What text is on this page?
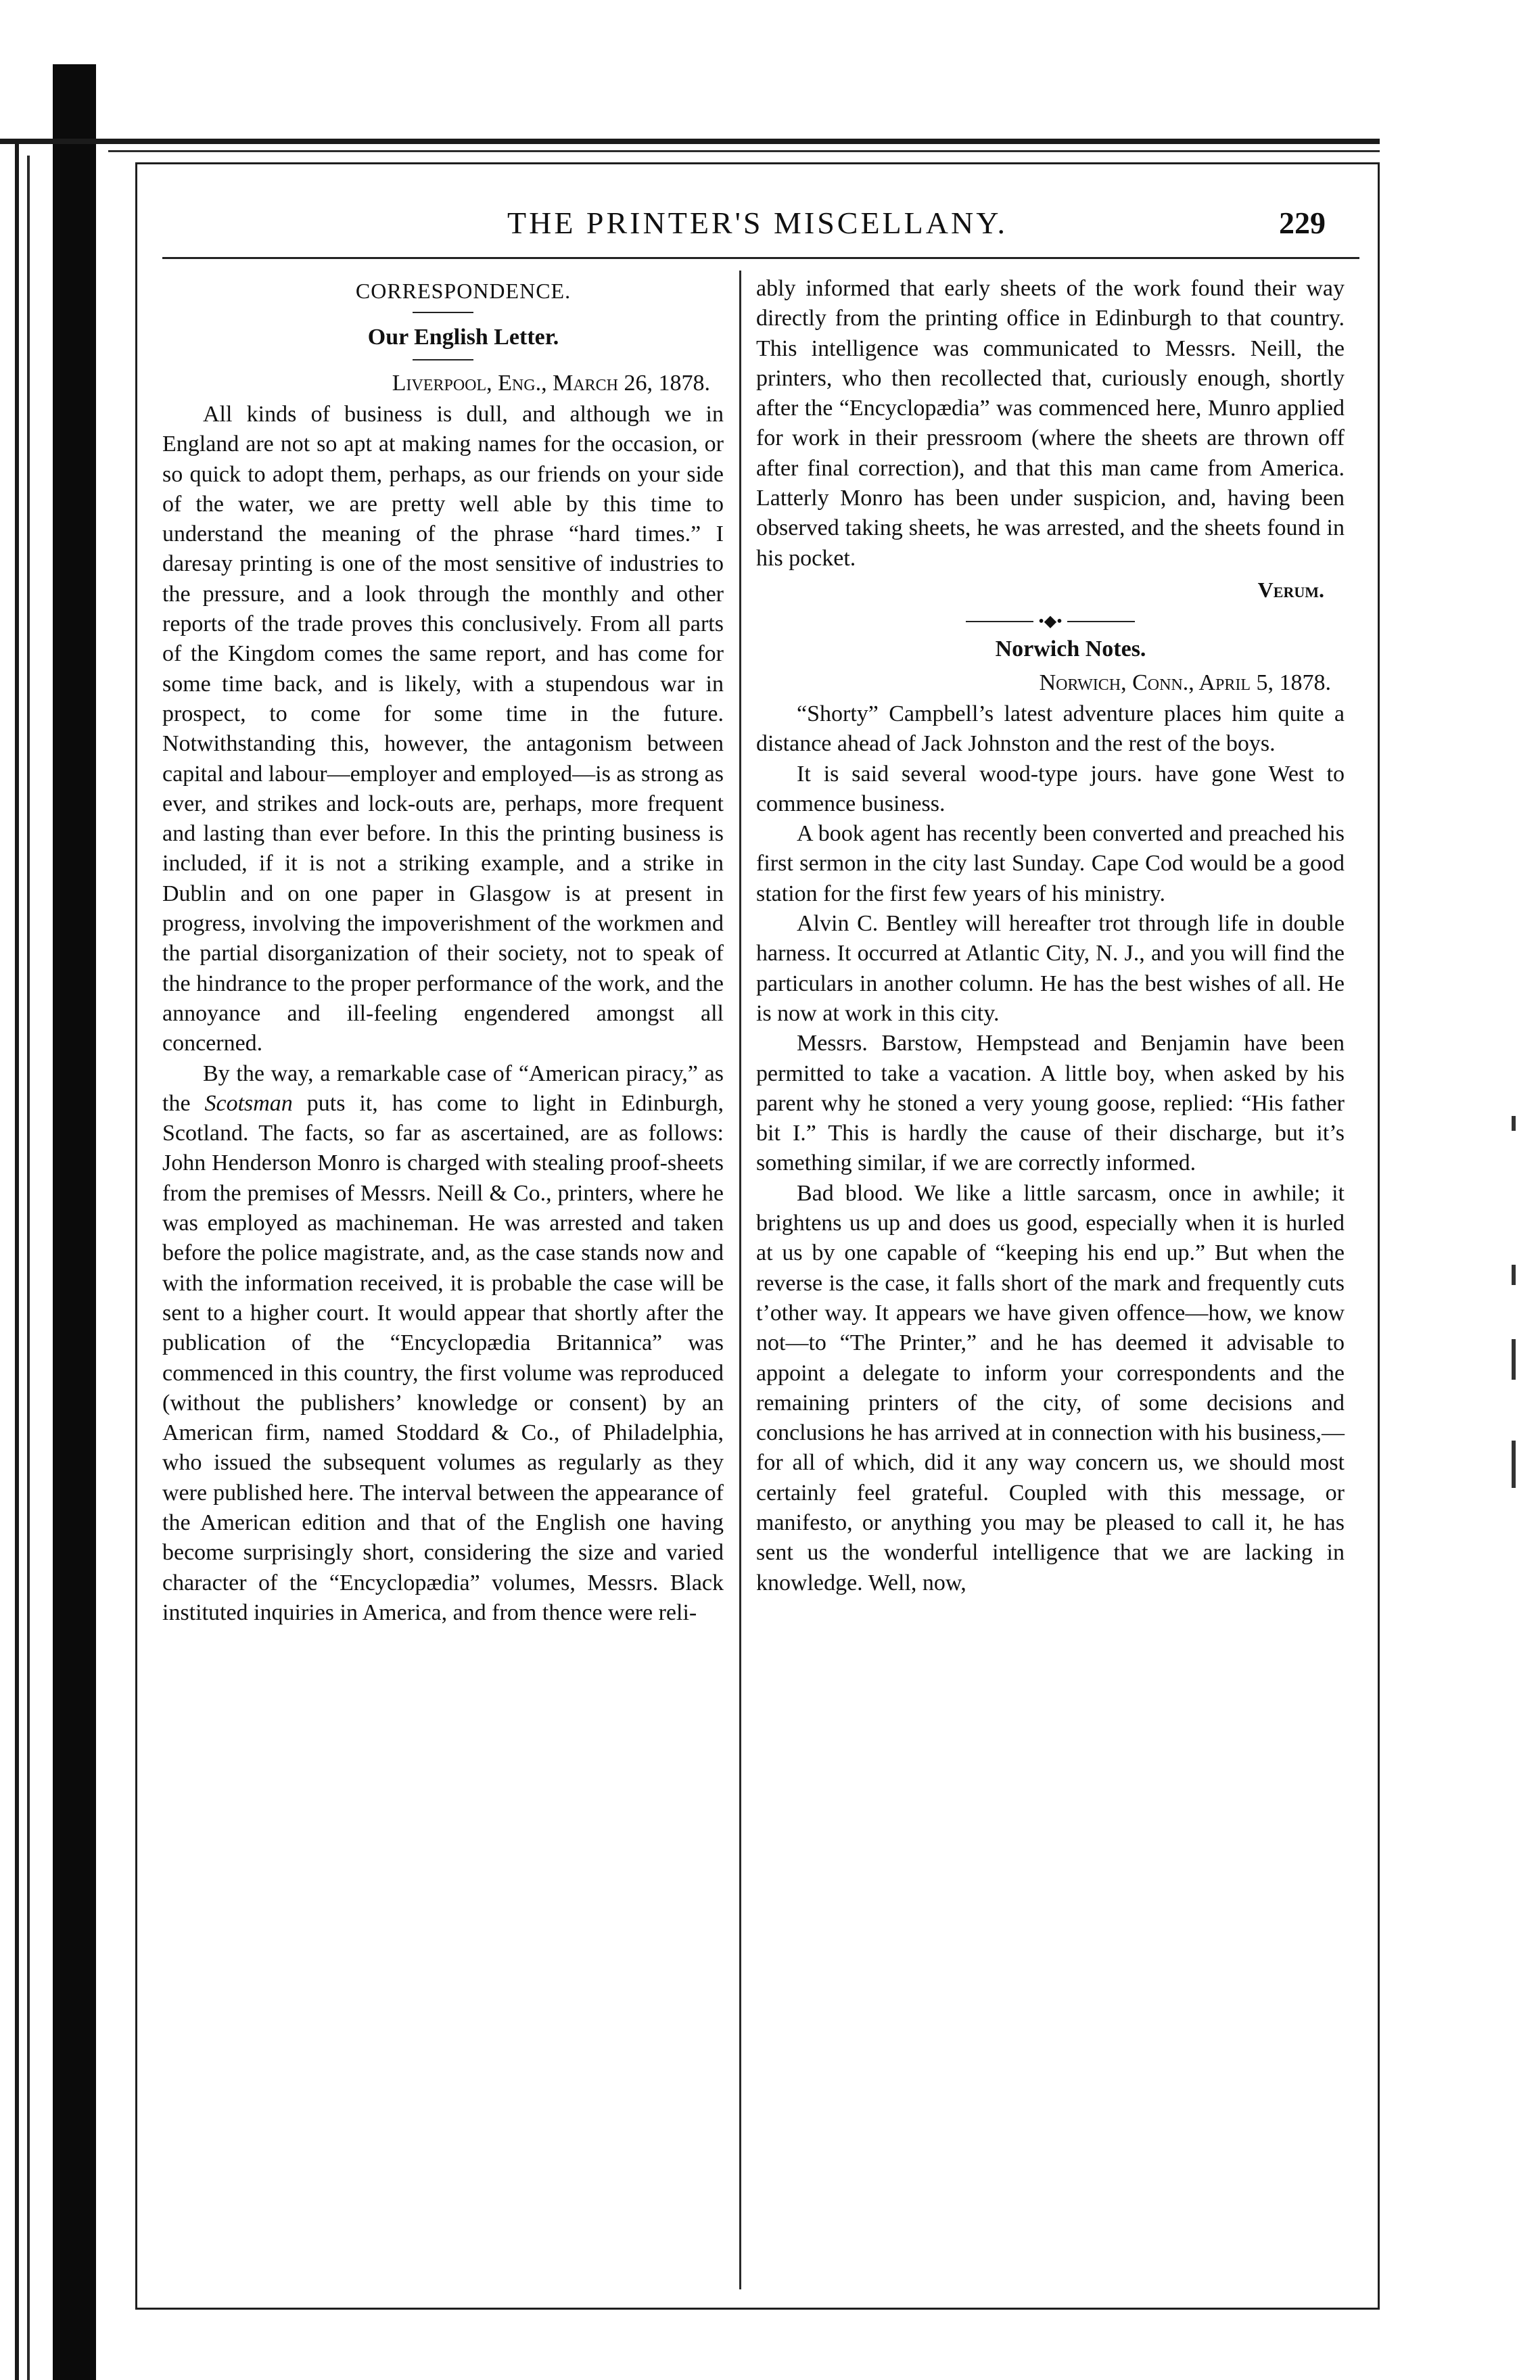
THE PRINTER'S MISCELLANY.	229

CORRESPONDENCE.

Our English Letter.

Liverpool, Eng., March 26, 1878.

All kinds of business is dull, and although we in England are not so apt at making names for the occasion, or so quick to adopt them, perhaps, as our friends on your side of the water, we are pretty well able by this time to understand the meaning of the phrase “hard times.” I daresay printing is one of the most sensitive of industries to the pressure, and a look through the monthly and other reports of the trade proves this conclusively. From all parts of the Kingdom comes the same report, and has come for some time back, and is likely, with a stupendous war in prospect, to come for some time in the future. Notwithstanding this, however, the antagonism between capital and labour—employer and employed—is as strong as ever, and strikes and lock-outs are, perhaps, more frequent and lasting than ever before. In this the printing business is included, if it is not a striking example, and a strike in Dublin and on one paper in Glasgow is at present in progress, involving the impoverishment of the workmen and the partial disorganization of their society, not to speak of the hindrance to the proper performance of the work, and the annoyance and ill-feeling engendered amongst all concerned.

By the way, a remarkable case of “American piracy,” as the Scotsman puts it, has come to light in Edinburgh, Scotland. The facts, so far as ascertained, are as follows: John Henderson Monro is charged with stealing proof-sheets from the premises of Messrs. Neill & Co., printers, where he was employed as machineman. He was arrested and taken before the police magistrate, and, as the case stands now and with the information received, it is probable the case will be sent to a higher court. It would appear that shortly after the publication of the “Encyclopædia Britannica” was commenced in this country, the first volume was reproduced (without the publishers’ knowledge or consent) by an American firm, named Stoddard & Co., of Philadelphia, who issued the subsequent volumes as regularly as they were published here. The interval between the appearance of the American edition and that of the English one having become surprisingly short, considering the size and varied character of the “Encyclopædia” volumes, Messrs. Black instituted inquiries in America, and from thence were reli-

ably informed that early sheets of the work found their way directly from the printing office in Edinburgh to that country. This intelligence was communicated to Messrs. Neill, the printers, who then recollected that, curiously enough, shortly after the “Encyclopædia” was commenced here, Munro applied for work in their pressroom (where the sheets are thrown off after final correction), and that this man came from America. Latterly Monro has been under suspicion, and, having been observed taking sheets, he was arrested, and the sheets found in his pocket.

Verum.

•◆•

Norwich Notes.

Norwich, Conn., April 5, 1878.

“Shorty” Campbell’s latest adventure places him quite a distance ahead of Jack Johnston and the rest of the boys.

It is said several wood-type jours. have gone West to commence business.

A book agent has recently been converted and preached his first sermon in the city last Sunday. Cape Cod would be a good station for the first few years of his ministry.

Alvin C. Bentley will hereafter trot through life in double harness. It occurred at Atlantic City, N. J., and you will find the particulars in another column. He has the best wishes of all. He is now at work in this city.

Messrs. Barstow, Hempstead and Benjamin have been permitted to take a vacation. A little boy, when asked by his parent why he stoned a very young goose, replied: “His father bit I.” This is hardly the cause of their discharge, but it’s something similar, if we are correctly informed.

Bad blood. We like a little sarcasm, once in awhile; it brightens us up and does us good, especially when it is hurled at us by one capable of “keeping his end up.” But when the reverse is the case, it falls short of the mark and frequently cuts t’other way. It appears we have given offence—how, we know not—to “The Printer,” and he has deemed it advisable to appoint a delegate to inform your correspondents and the remaining printers of the city, of some decisions and conclusions he has arrived at in connection with his business,—for all of which, did it any way concern us, we should most certainly feel grateful. Coupled with this message, or manifesto, or anything you may be pleased to call it, he has sent us the wonderful intelligence that we are lacking in knowledge. Well, now,
